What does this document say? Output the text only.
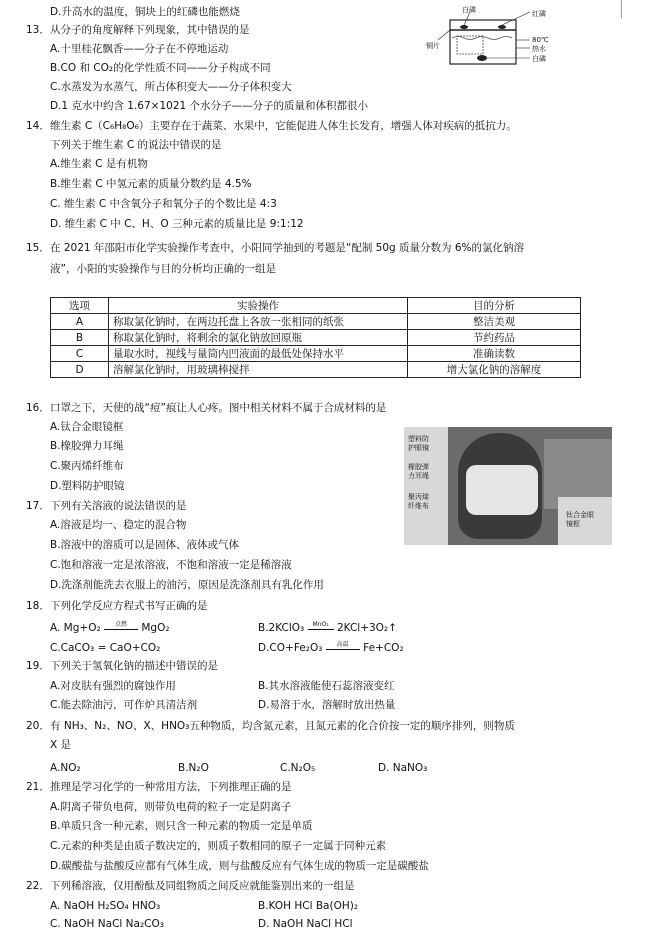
D.升高水的温度，铜块上的红磷也能燃烧	白磷	红磷
铜片
80℃
热水
白磷
13．从分子的角度解释下列现象，其中错误的是
A.十里桂花飘香——分子在不停地运动
B.CO 和 CO₂的化学性质不同——分子构成不同
C.水蒸发为水蒸气，所占体积变大——分子体积变大
D.1 克水中约含 1.67×1021 个水分子——分子的质量和体积都很小
14．维生素 C（C₆H₈O₆）主要存在于蔬菜、水果中，它能促进人体生长发育，增强人体对疾病的抵抗力。
下列关于维生素 C 的说法中错误的是
A.维生素 C 是有机物
B.维生素 C 中氢元素的质量分数约是 4.5%
C. 维生素 C 中含氧分子和氧分子的个数比是 4:3
D. 维生素 C 中 C、H、O 三种元素的质量比是 9:1:12
15．在 2021 年邵阳市化学实验操作考查中，小阳同学抽到的考题是“配制 50g 质量分数为 6%的氯化钠溶
液”，小阳的实验操作与目的分析均正确的一组是
选项	实验操作	目的分析
A	称取氯化钠时，在两边托盘上各放一张相同的纸张	整洁美观
B	称取氯化钠时，将剩余的氯化钠放回原瓶	节约药品
C	量取水时，视线与量筒内凹液面的最低处保持水平	准确读数
D	溶解氯化钠时，用玻璃棒搅拌	增大氯化钠的溶解度
16．口罩之下，天使的战“痘”痕让人心疼。图中相关材料不属于合成材料的是
A.钛合金眼镜框
B.橡胶弹力耳绳
C.聚丙烯纤维布
D.塑料防护眼镜
塑料防护眼镜
橡胶弹力耳绳
聚丙烯纤维布
钛合金眼镜框
17．下列有关溶液的说法错误的是
A.溶液是均一、稳定的混合物
B.溶液中的溶质可以是固体、液体或气体
C.饱和溶液一定是浓溶液，不饱和溶液一定是稀溶液
D.洗涤剂能洗去衣服上的油污，原因是洗涤剂具有乳化作用
18．下列化学反应方程式书写正确的是
A. Mg+O₂	点燃	MgO₂	B.2KClO₃	MnO₂ 2KCl+3O₂↑
C.CaCO₃ = CaO+CO₂	D.CO+Fe₂O₃	高温	Fe+CO₂
19．下列关于氢氧化钠的描述中错误的是
A.对皮肤有强烈的腐蚀作用	B.其水溶液能使石蕊溶液变红
C.能去除油污，可作炉具清洁剂	D.易溶于水，溶解时放出热量
20．有 NH₃、N₂、NO、X、HNO₃五种物质，均含氮元素，且氮元素的化合价按一定的顺序排列，则物质
X 是
A.NO₂	B.N₂O	C.N₂O₅	D. NaNO₃
21．推理是学习化学的一种常用方法，下列推理正确的是
A.阴离子带负电荷，则带负电荷的粒子一定是阴离子
B.单质只含一种元素，则只含一种元素的物质一定是单质
C.元素的种类是由质子数决定的，则质子数相同的原子一定属于同种元素
D.碳酸盐与盐酸反应都有气体生成，则与盐酸反应有气体生成的物质一定是碳酸盐
22．下列稀溶液，仅用酚酞及同组物质之间反应就能鉴别出来的一组是
A. NaOH H₂SO₄ HNO₃	B.KOH HCl Ba(OH)₂
C. NaOH NaCl Na₂CO₃	D. NaOH NaCl HCl
